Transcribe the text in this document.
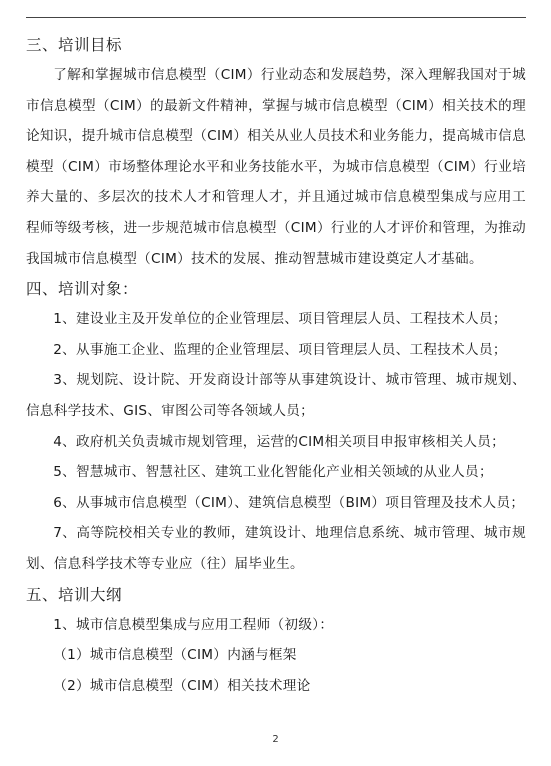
三、培训目标

了解和掌握城市信息模型（CIM）行业动态和发展趋势，深入理解我国对于城市信息模型（CIM）的最新文件精神，掌握与城市信息模型（CIM）相关技术的理论知识，提升城市信息模型（CIM）相关从业人员技术和业务能力，提高城市信息模型（CIM）市场整体理论水平和业务技能水平，为城市信息模型（CIM）行业培养大量的、多层次的技术人才和管理人才，并且通过城市信息模型集成与应用工程师等级考核，进一步规范城市信息模型（CIM）行业的人才评价和管理，为推动我国城市信息模型（CIM）技术的发展、推动智慧城市建设奠定人才基础。

四、培训对象：

1、建设业主及开发单位的企业管理层、项目管理层人员、工程技术人员；

2、从事施工企业、监理的企业管理层、项目管理层人员、工程技术人员；

3、规划院、设计院、开发商设计部等从事建筑设计、城市管理、城市规划、信息科学技术、GIS、审图公司等各领域人员；

4、政府机关负责城市规划管理，运营的CIM相关项目申报审核相关人员；

5、智慧城市、智慧社区、建筑工业化智能化产业相关领域的从业人员；

6、从事城市信息模型（CIM）、建筑信息模型（BIM）项目管理及技术人员；

7、高等院校相关专业的教师，建筑设计、地理信息系统、城市管理、城市规划、信息科学技术等专业应（往）届毕业生。

五、培训大纲

1、城市信息模型集成与应用工程师（初级）：

（1）城市信息模型（CIM）内涵与框架

（2）城市信息模型（CIM）相关技术理论

2
